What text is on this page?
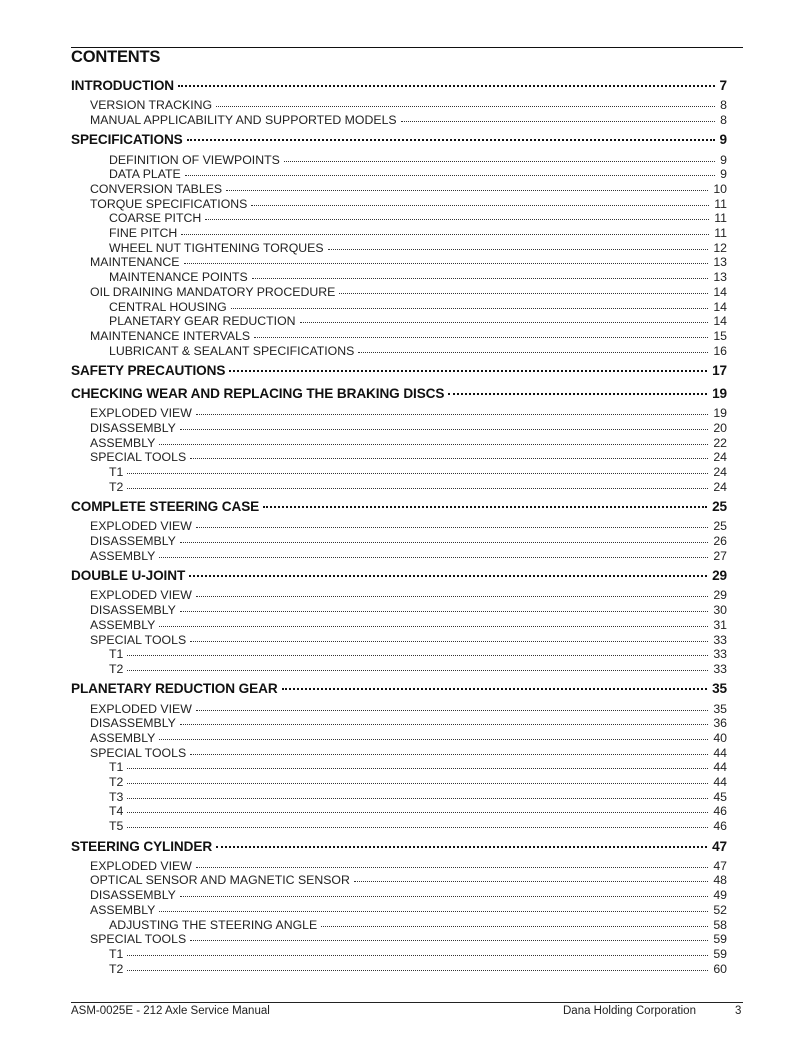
CONTENTS
INTRODUCTION	7
VERSION TRACKING	8
MANUAL APPLICABILITY AND SUPPORTED MODELS	8
SPECIFICATIONS	9
DEFINITION OF VIEWPOINTS	9
DATA PLATE	9
CONVERSION TABLES	10
TORQUE SPECIFICATIONS	11
COARSE PITCH	11
FINE PITCH	11
WHEEL NUT TIGHTENING TORQUES	12
MAINTENANCE	13
MAINTENANCE POINTS	13
OIL DRAINING MANDATORY PROCEDURE	14
CENTRAL HOUSING	14
PLANETARY GEAR REDUCTION	14
MAINTENANCE INTERVALS	15
LUBRICANT & SEALANT SPECIFICATIONS	16
SAFETY PRECAUTIONS	17
CHECKING WEAR AND REPLACING THE BRAKING DISCS	19
EXPLODED VIEW	19
DISASSEMBLY	20
ASSEMBLY	22
SPECIAL TOOLS	24
T1	24
T2	24
COMPLETE STEERING CASE	25
EXPLODED VIEW	25
DISASSEMBLY	26
ASSEMBLY	27
DOUBLE U-JOINT	29
EXPLODED VIEW	29
DISASSEMBLY	30
ASSEMBLY	31
SPECIAL TOOLS	33
T1	33
T2	33
PLANETARY REDUCTION GEAR	35
EXPLODED VIEW	35
DISASSEMBLY	36
ASSEMBLY	40
SPECIAL TOOLS	44
T1	44
T2	44
T3	45
T4	46
T5	46
STEERING CYLINDER	47
EXPLODED VIEW	47
OPTICAL SENSOR AND MAGNETIC SENSOR	48
DISASSEMBLY	49
ASSEMBLY	52
ADJUSTING THE STEERING ANGLE	58
SPECIAL TOOLS	59
T1	59
T2	60
ASM-0025E - 212 Axle Service Manual	Dana Holding Corporation	3
